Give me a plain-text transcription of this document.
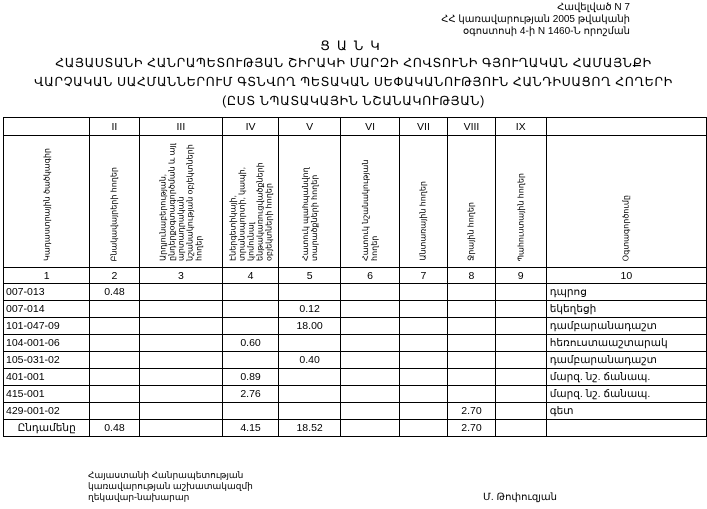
Հավելված N 7
ՀՀ կառավարության 2005 թվականի
օգոստոսի 4-ի N 1460-Ն որոշման
ՑԱՆԿ
ՀԱՅԱՍՏԱՆԻ ՀԱՆՐԱՊԵՏՈՒԹՅԱՆ ՇԻՐԱԿԻ ՄԱՐԶԻ ՀՈՎՏՈՒՆԻ ԳՅՈՒՂԱԿԱՆ ՀԱՄԱՅՆՔԻ
ՎԱՐՉԱԿԱՆ ՍԱՀՄԱՆՆԵՐՈՒՄ ԳՏՆՎՈՂ ՊԵՏԱԿԱՆ ՍԵՓԱԿԱՆՈՒԹՅՈՒՆ ՀԱՆԴԻՍԱՑՈՂ ՀՈՂԵՐԻ
(ԸՍՏ ՆՊԱՏԱԿԱՅԻՆ ՆՇԱՆԱԿՈՒԹՅԱՆ)
	II	III	IV	V	VI	VII	VIII	IX	

Կադաստրային ծածկագիր	Բնակավայրերի հողեր	Արդյունաբերության, ընդերքօգտագործման և այլ արտադրական նշանակության օբյեկտների հողեր	Էներգետիկայի, տրանսպորտի, կապի, կոմունալ ենթակառուցվածքների օբյեկտների հողեր	Հատուկ պահպանվող տարածքների հողեր	Հատուկ նշանակության հողեր	Անտառային հողեր	Ջրային հողեր	Պահուստային հողեր	Օգտագործումը

1	2	3	4	5	6	7	8	9	10
007-013	0.48								դպրոց
007-014				0.12					եկեղեցի
101-047-09				18.00					դամբարանադաշտ
104-001-06			0.60						հեռուստաաշտարակ
105-031-02				0.40					դամբարանադաշտ
401-001			0.89						մարզ. նշ. ճանապ.
415-001			2.76						մարզ. նշ. ճանապ.
429-001-02							2.70		գետ
Ընդամենը	0.48		4.15	18.52			2.70		
Հայաստանի Հանրապետության
կառավարության աշխատակազմի
ղեկավար-նախարար	Մ. Թոփուզյան
